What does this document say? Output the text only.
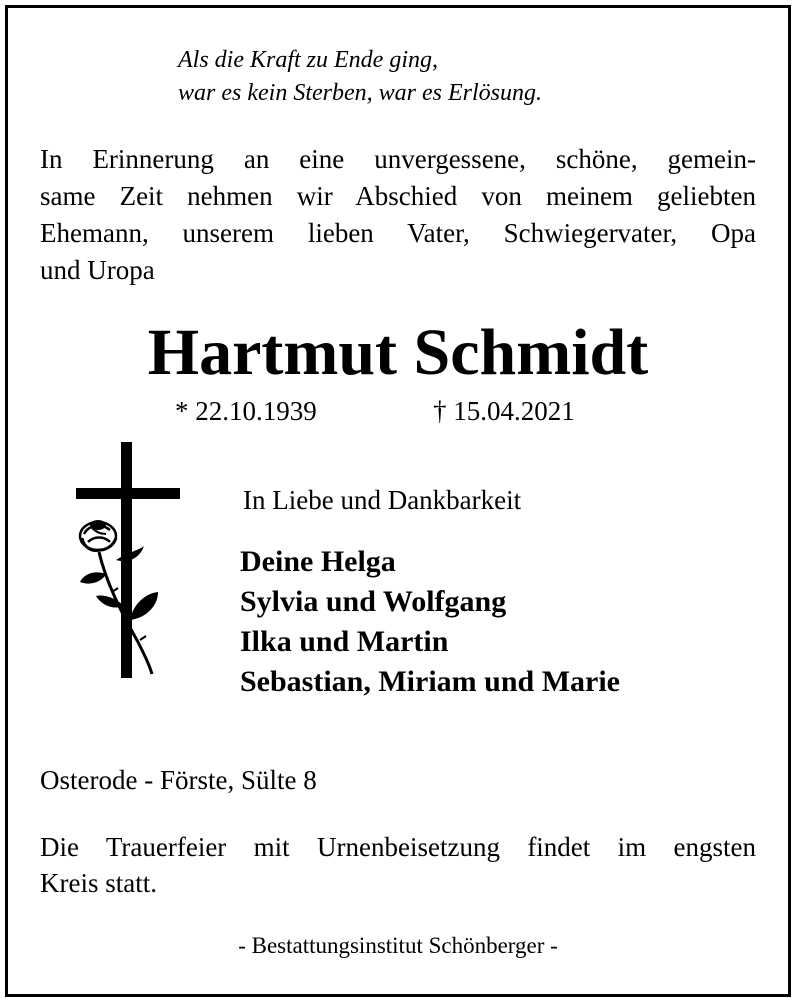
Als die Kraft zu Ende ging,
war es kein Sterben, war es Erlösung.

In Erinnerung an eine unvergessene, schöne, gemein-
same Zeit nehmen wir Abschied von meinem geliebten
Ehemann, unserem lieben Vater, Schwiegervater, Opa
und Uropa

Hartmut Schmidt
* 22.10.1939	† 15.04.2021
In Liebe und Dankbarkeit
Deine Helga
Sylvia und Wolfgang
Ilka und Martin
Sebastian, Miriam und Marie
Osterode - Förste, Sülte 8
Die Trauerfeier mit Urnenbeisetzung findet im engsten
Kreis statt.
- Bestattungsinstitut Schönberger -
